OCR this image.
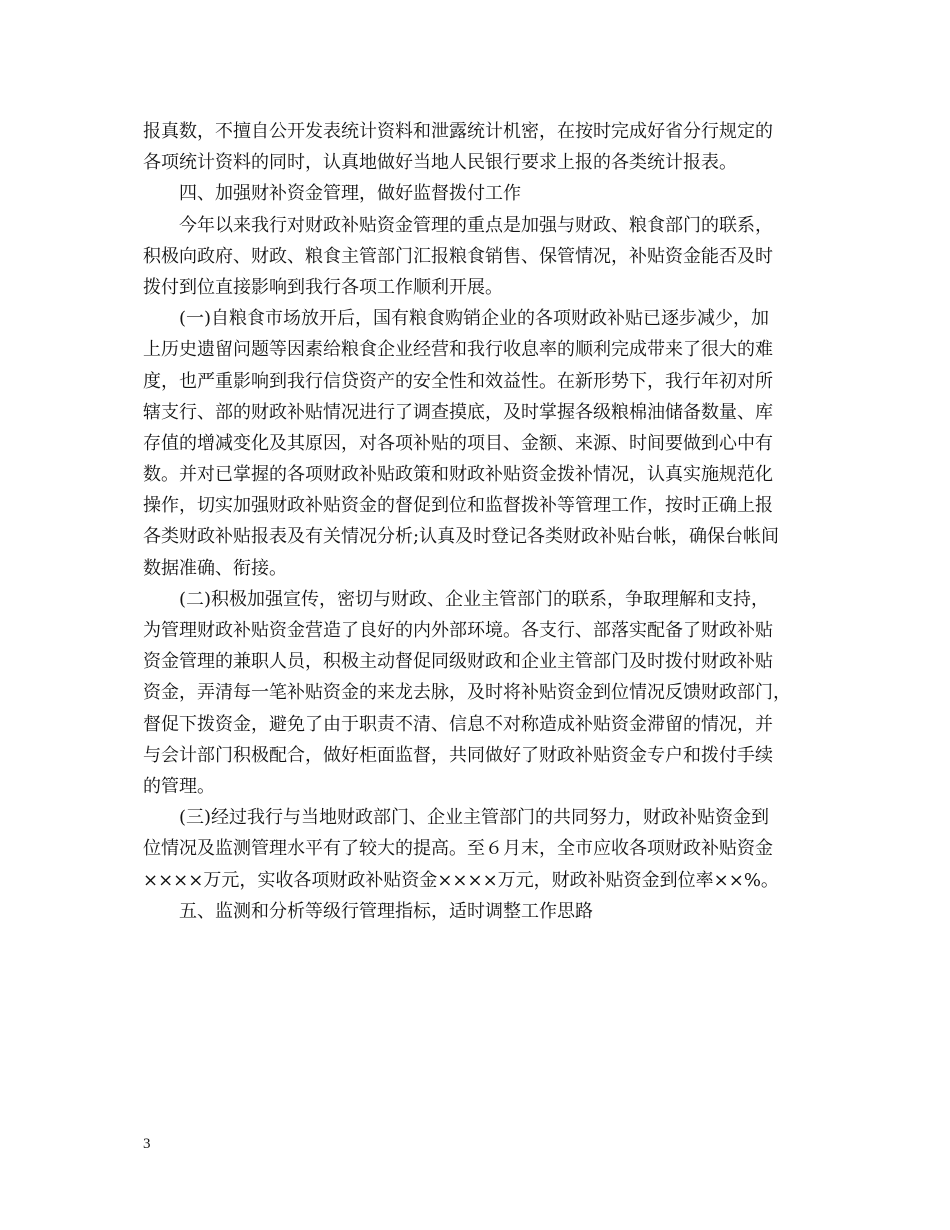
报真数，不擅自公开发表统计资料和泄露统计机密，在按时完成好省分行规定的
各项统计资料的同时，认真地做好当地人民银行要求上报的各类统计报表。
四、加强财补资金管理，做好监督拨付工作
今年以来我行对财政补贴资金管理的重点是加强与财政、粮食部门的联系，
积极向政府、财政、粮食主管部门汇报粮食销售、保管情况，补贴资金能否及时
拨付到位直接影响到我行各项工作顺利开展。
(一)自粮食市场放开后，国有粮食购销企业的各项财政补贴已逐步减少，加
上历史遗留问题等因素给粮食企业经营和我行收息率的顺利完成带来了很大的难
度，也严重影响到我行信贷资产的安全性和效益性。在新形势下，我行年初对所
辖支行、部的财政补贴情况进行了调查摸底，及时掌握各级粮棉油储备数量、库
存值的增减变化及其原因，对各项补贴的项目、金额、来源、时间要做到心中有
数。并对已掌握的各项财政补贴政策和财政补贴资金拨补情况，认真实施规范化
操作，切实加强财政补贴资金的督促到位和监督拨补等管理工作，按时正确上报
各类财政补贴报表及有关情况分析;认真及时登记各类财政补贴台帐，确保台帐间
数据准确、衔接。
(二)积极加强宣传，密切与财政、企业主管部门的联系，争取理解和支持，
为管理财政补贴资金营造了良好的内外部环境。各支行、部落实配备了财政补贴
资金管理的兼职人员，积极主动督促同级财政和企业主管部门及时拨付财政补贴
资金，弄清每一笔补贴资金的来龙去脉，及时将补贴资金到位情况反馈财政部门，
督促下拨资金，避免了由于职责不清、信息不对称造成补贴资金滞留的情况，并
与会计部门积极配合，做好柜面监督，共同做好了财政补贴资金专户和拨付手续
的管理。
(三)经过我行与当地财政部门、企业主管部门的共同努力，财政补贴资金到
位情况及监测管理水平有了较大的提高。至６月末，全市应收各项财政补贴资金
××××万元，实收各项财政补贴资金××××万元，财政补贴资金到位率××%。
五、监测和分析等级行管理指标，适时调整工作思路
3
